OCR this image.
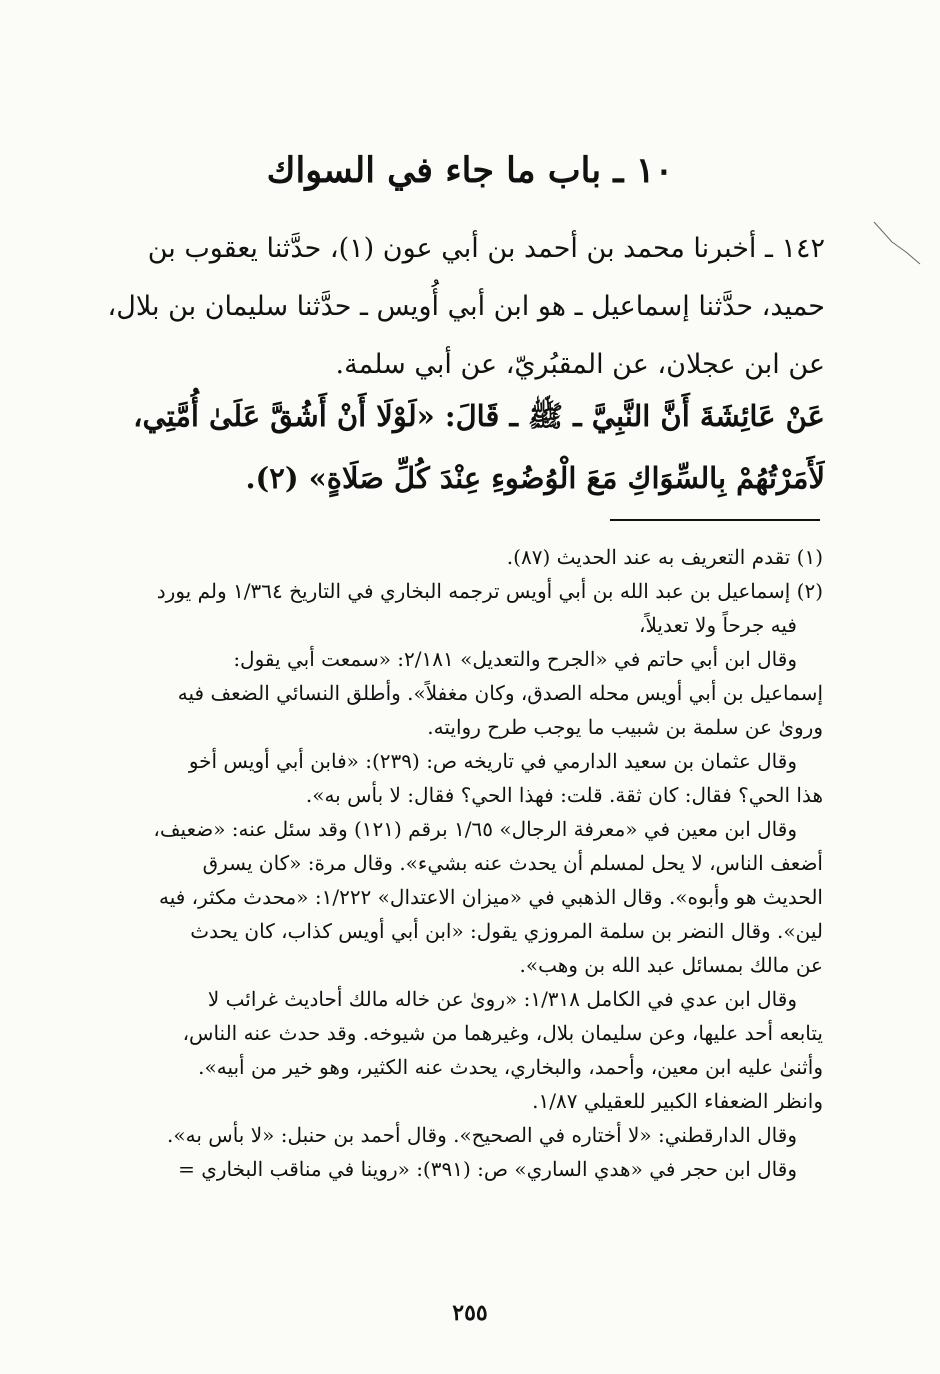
١٠ ـ باب ما جاء في السواك
١٤٢ ـ أخبرنا محمد بن أحمد بن أبي عون (١)، حدَّثنا يعقوب بن
حميد، حدَّثنا إسماعيل ـ هو ابن أبي أُويس ـ حدَّثنا سليمان بن بلال،
عن ابن عجلان، عن المقبُريّ، عن أبي سلمة.
عَنْ عَائِشَةَ أَنَّ النَّبِيَّ ـ ﷺ ـ قَالَ: «لَوْلَا أَنْ أَشُقَّ عَلَىٰ أُمَّتِي،
لَأَمَرْتُهُمْ بِالسِّوَاكِ مَعَ الْوُضُوءِ عِنْدَ كُلِّ صَلَاةٍ» (٢).
(١) تقدم التعريف به عند الحديث (٨٧).
(٢) إسماعيل بن عبد الله بن أبي أويس ترجمه البخاري في التاريخ ١/٣٦٤ ولم يورد
فيه جرحاً ولا تعديلاً،
وقال ابن أبي حاتم في «الجرح والتعديل» ٢/١٨١: «سمعت أبي يقول:
إسماعيل بن أبي أويس محله الصدق، وكان مغفلاً». وأطلق النسائي الضعف فيه
وروىٰ عن سلمة بن شبيب ما يوجب طرح روايته.
وقال عثمان بن سعيد الدارمي في تاريخه ص: (٢٣٩): «فابن أبي أويس أخو
هذا الحي؟ فقال: كان ثقة. قلت: فهذا الحي؟ فقال: لا بأس به».
وقال ابن معين في «معرفة الرجال» ١/٦٥ برقم (١٢١) وقد سئل عنه: «ضعيف،
أضعف الناس، لا يحل لمسلم أن يحدث عنه بشيء». وقال مرة: «كان يسرق
الحديث هو وأبوه». وقال الذهبي في «ميزان الاعتدال» ١/٢٢٢: «محدث مكثر، فيه
لين». وقال النضر بن سلمة المروزي يقول: «ابن أبي أويس كذاب، كان يحدث
عن مالك بمسائل عبد الله بن وهب».
وقال ابن عدي في الكامل ١/٣١٨: «روىٰ عن خاله مالك أحاديث غرائب لا
يتابعه أحد عليها، وعن سليمان بلال، وغيرهما من شيوخه. وقد حدث عنه الناس،
وأثنىٰ عليه ابن معين، وأحمد، والبخاري، يحدث عنه الكثير، وهو خير من أبيه».
وانظر الضعفاء الكبير للعقيلي ١/٨٧.
وقال الدارقطني: «لا أختاره في الصحيح». وقال أحمد بن حنبل: «لا بأس به».
وقال ابن حجر في «هدي الساري» ص: (٣٩١): «روينا في مناقب البخاري =
٢٥٥
